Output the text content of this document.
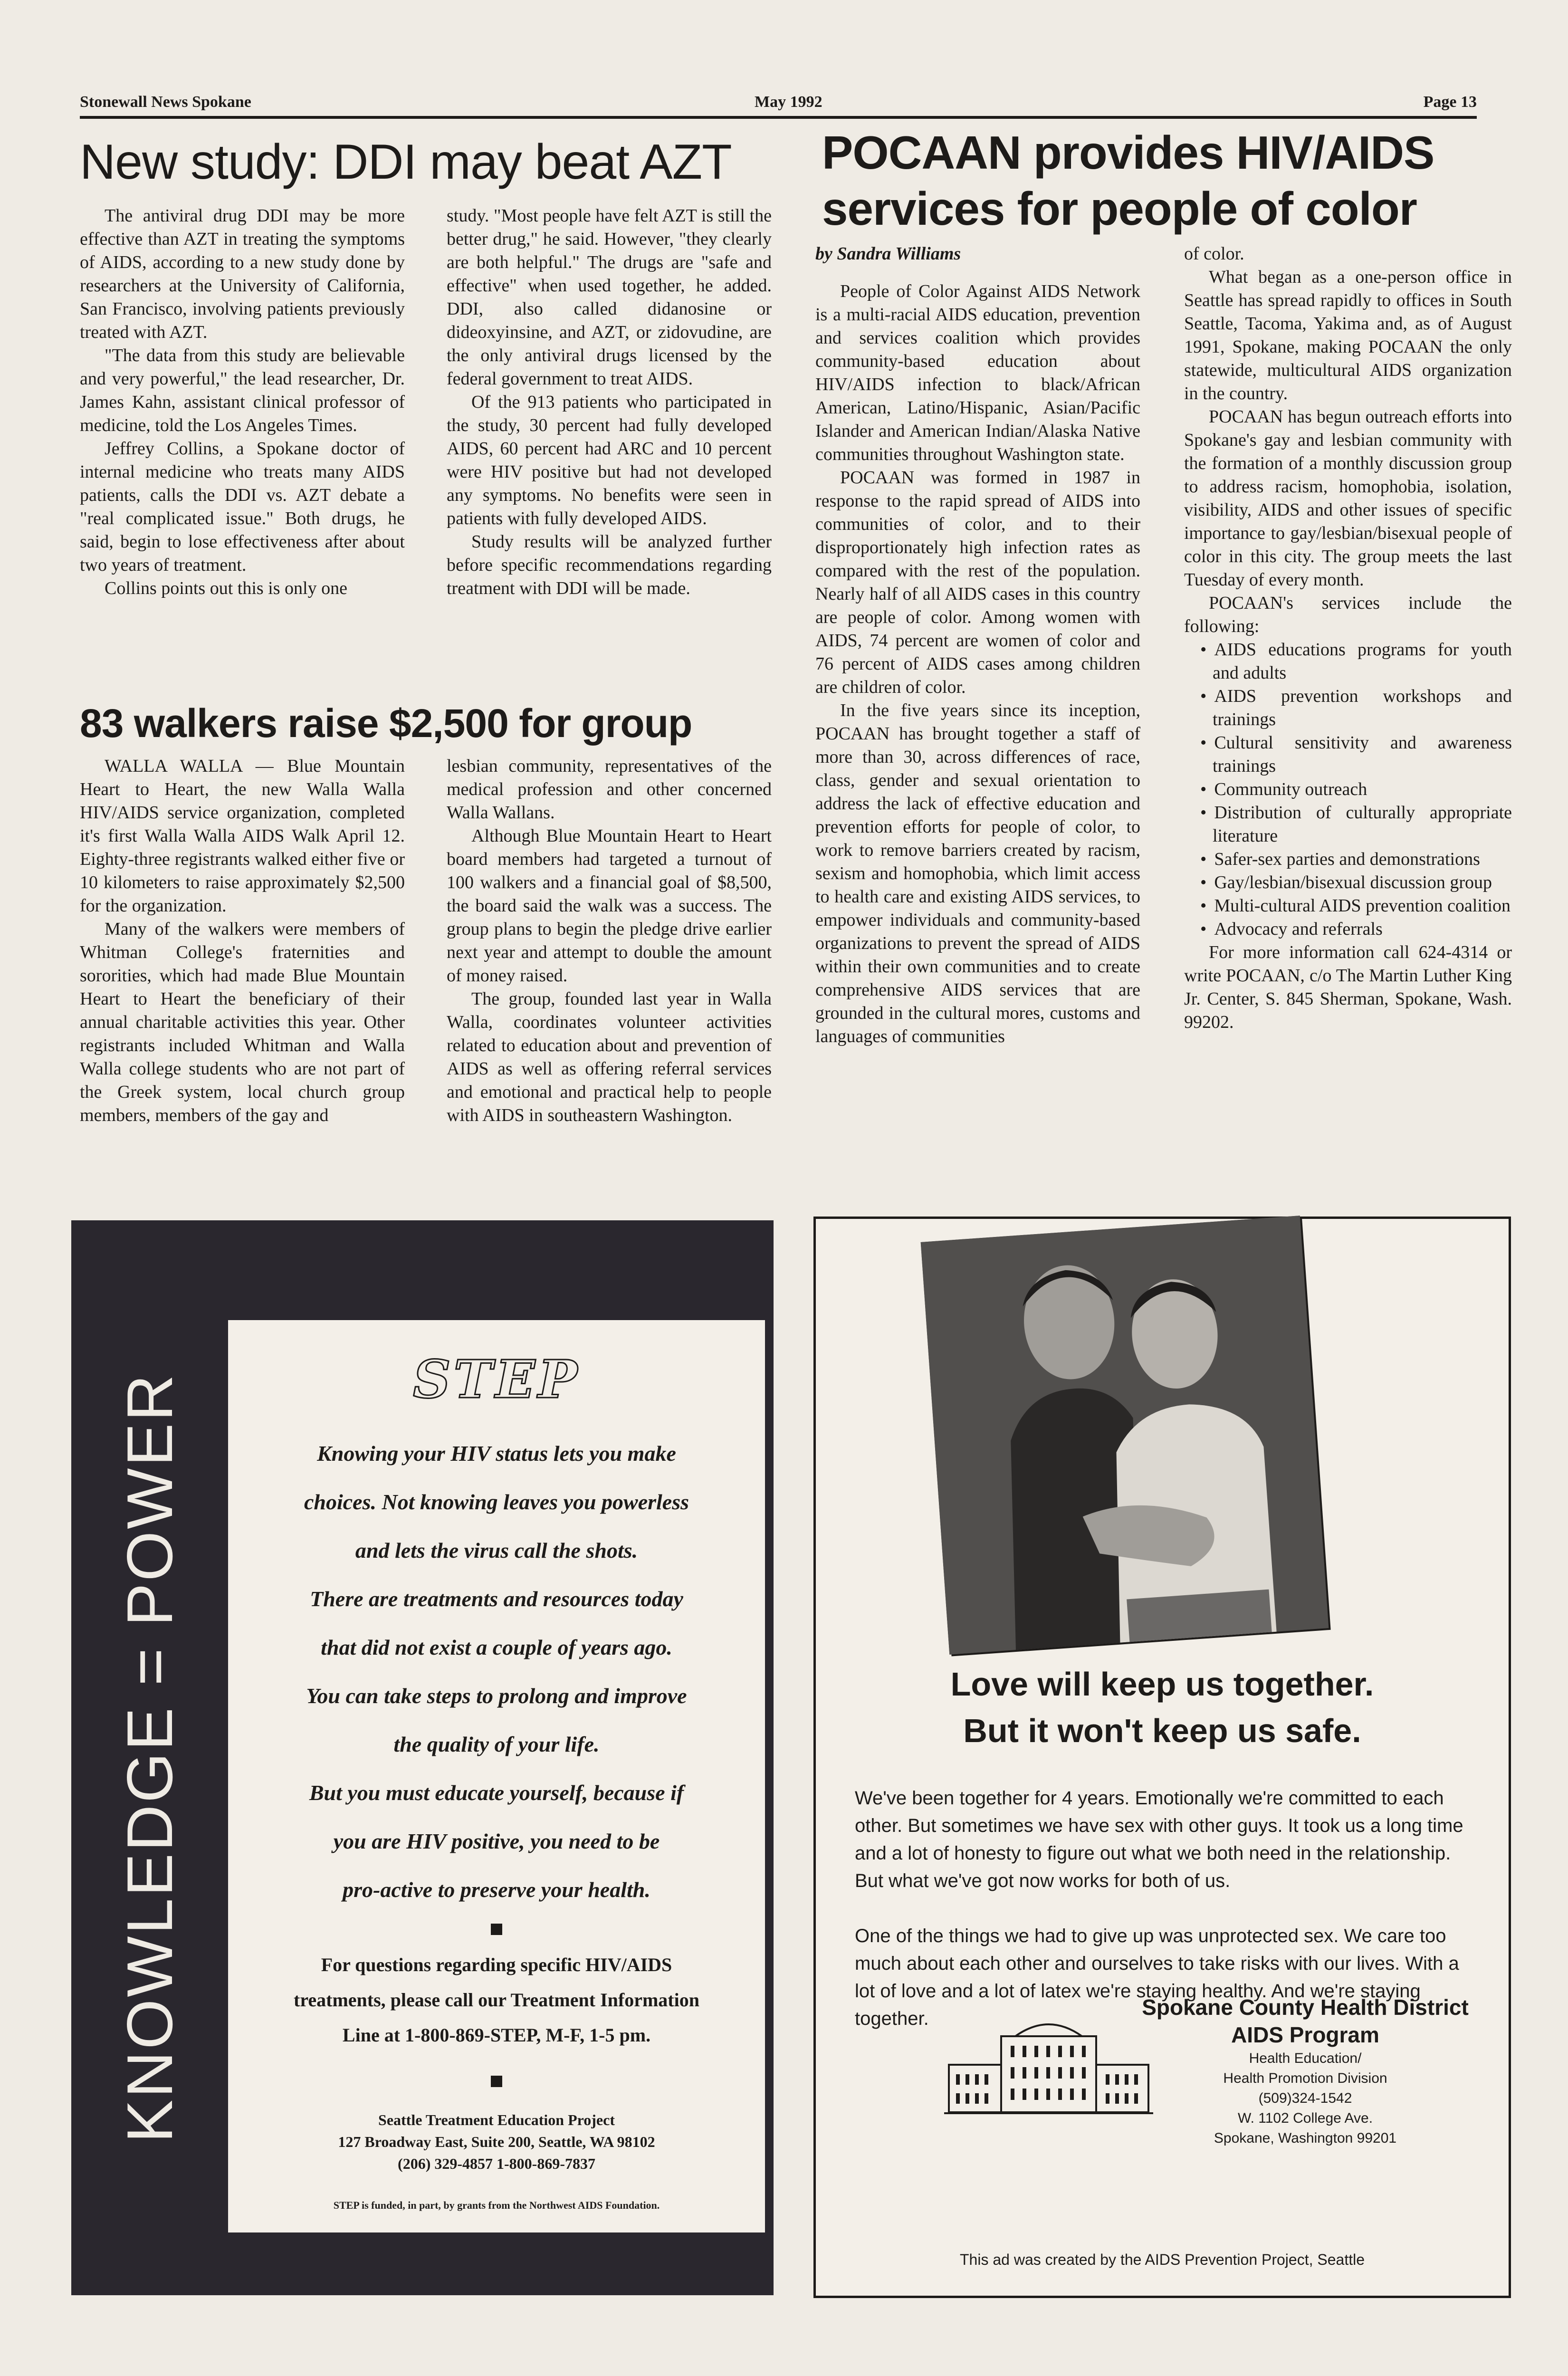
Stonewall News Spokane	May 1992	Page 13
New study: DDI may beat AZT

The antiviral drug DDI may be more effective than AZT in treating the symptoms of AIDS, according to a new study done by researchers at the University of California, San Francisco, involving patients previously treated with AZT.

"The data from this study are believable and very powerful," the lead researcher, Dr. James Kahn, assistant clinical professor of medicine, told the Los Angeles Times.

Jeffrey Collins, a Spokane doctor of internal medicine who treats many AIDS patients, calls the DDI vs. AZT debate a "real complicated issue." Both drugs, he said, begin to lose effectiveness after about two years of treatment.

Collins points out this is only one

study. "Most people have felt AZT is still the better drug," he said. However, "they clearly are both helpful." The drugs are "safe and effective" when used together, he added. DDI, also called didanosine or dideoxyinsine, and AZT, or zidovudine, are the only antiviral drugs licensed by the federal government to treat AIDS.

Of the 913 patients who participated in the study, 30 percent had fully developed AIDS, 60 percent had ARC and 10 percent were HIV positive but had not developed any symptoms. No benefits were seen in patients with fully developed AIDS.

Study results will be analyzed further before specific recommendations regarding treatment with DDI will be made.

83 walkers raise $2,500 for group

WALLA WALLA — Blue Mountain Heart to Heart, the new Walla Walla HIV/AIDS service organization, completed it's first Walla Walla AIDS Walk April 12. Eighty-three registrants walked either five or 10 kilometers to raise approximately $2,500 for the organization.

Many of the walkers were members of Whitman College's fraternities and sororities, which had made Blue Mountain Heart to Heart the beneficiary of their annual charitable activities this year. Other registrants included Whitman and Walla Walla college students who are not part of the Greek system, local church group members, members of the gay and

lesbian community, representatives of the medical profession and other concerned Walla Wallans.

Although Blue Mountain Heart to Heart board members had targeted a turnout of 100 walkers and a financial goal of $8,500, the board said the walk was a success. The group plans to begin the pledge drive earlier next year and attempt to double the amount of money raised.

The group, founded last year in Walla Walla, coordinates volunteer activities related to education about and prevention of AIDS as well as offering referral services and emotional and practical help to people with AIDS in southeastern Washington.

POCAAN provides HIV/AIDS services for people of color

by Sandra Williams

People of Color Against AIDS Network is a multi-racial AIDS education, prevention and services coalition which provides community-based education about HIV/AIDS infection to black/African American, Latino/Hispanic, Asian/Pacific Islander and American Indian/Alaska Native communities throughout Washington state.

POCAAN was formed in 1987 in response to the rapid spread of AIDS into communities of color, and to their disproportionately high infection rates as compared with the rest of the population. Nearly half of all AIDS cases in this country are people of color. Among women with AIDS, 74 percent are women of color and 76 percent of AIDS cases among children are children of color.

In the five years since its inception, POCAAN has brought together a staff of more than 30, across differences of race, class, gender and sexual orientation to address the lack of effective education and prevention efforts for people of color, to work to remove barriers created by racism, sexism and homophobia, which limit access to health care and existing AIDS services, to empower individuals and community-based organizations to prevent the spread of AIDS within their own communities and to create comprehensive AIDS services that are grounded in the cultural mores, customs and languages of communities

of color.

What began as a one-person office in Seattle has spread rapidly to offices in South Seattle, Tacoma, Yakima and, as of August 1991, Spokane, making POCAAN the only statewide, multicultural AIDS organization in the country.

POCAAN has begun outreach efforts into Spokane's gay and lesbian community with the formation of a monthly discussion group to address racism, homophobia, isolation, visibility, AIDS and other issues of specific importance to gay/lesbian/bisexual people of color in this city. The group meets the last Tuesday of every month.

POCAAN's services include the following:

• AIDS educations programs for youth and adults
• AIDS prevention workshops and trainings
• Cultural sensitivity and awareness trainings
• Community outreach
• Distribution of culturally appropriate literature
• Safer-sex parties and demonstrations
• Gay/lesbian/bisexual discussion group
• Multi-cultural AIDS prevention coalition
• Advocacy and referrals

For more information call 624-4314 or write POCAAN, c/o The Martin Luther King Jr. Center, S. 845 Sherman, Spokane, Wash. 99202.

KNOWLEDGE = POWER	STEP
Knowing your HIV status lets you make
choices. Not knowing leaves you powerless
and lets the virus call the shots.
There are treatments and resources today
that did not exist a couple of years ago.
You can take steps to prolong and improve
the quality of your life.
But you must educate yourself, because if
you are HIV positive, you need to be
pro-active to preserve your health.
For questions regarding specific HIV/AIDS
treatments, please call our Treatment Information
Line at 1-800-869-STEP, M-F, 1-5 pm.
Seattle Treatment Education Project
127 Broadway East, Suite 200, Seattle, WA 98102
(206) 329-4857 1-800-869-7837
STEP is funded, in part, by grants from the Northwest AIDS Foundation.
Love will keep us together.
But it won't keep us safe.

We've been together for 4 years. Emotionally we're committed to each other. But sometimes we have sex with other guys. It took us a long time and a lot of honesty to figure out what we both need in the relationship. But what we've got now works for both of us.

One of the things we had to give up was unprotected sex. We care too much about each other and ourselves to take risks with our lives. With a lot of love and a lot of latex we're staying healthy. And we're staying together.	Spokane County Health District
AIDS Program
Health Education/
Health Promotion Division
(509)324-1542
W. 1102 College Ave.
Spokane, Washington 99201
This ad was created by the AIDS Prevention Project, Seattle
